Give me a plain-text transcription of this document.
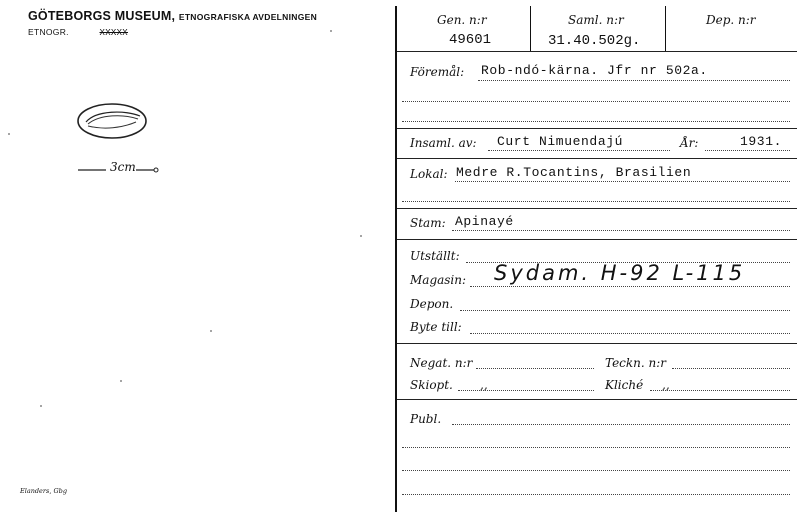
GÖTEBORGS MUSEUM, ETNOGRAFISKA AVDELNINGEN
ETNOGR.	XXXXX
3cm
Elanders, Gbg
Gen. n:r	Saml. n:r	Dep. n:r
49601	31.40.502g.
Föremål: Rob-ndó-kärna. Jfr nr 502a.
Insaml. av: Curt Nimuendajú	År:	1931.
Lokal: Medre R.Tocantins, Brasilien
Stam: Apinayé
Utställt:
Magasin: Sydam. H-92 L-115
Depon.
Byte till:
Negat. n:r	Teckn. n:r
Skiopt. ,,	Kliché ,,
Publ.
